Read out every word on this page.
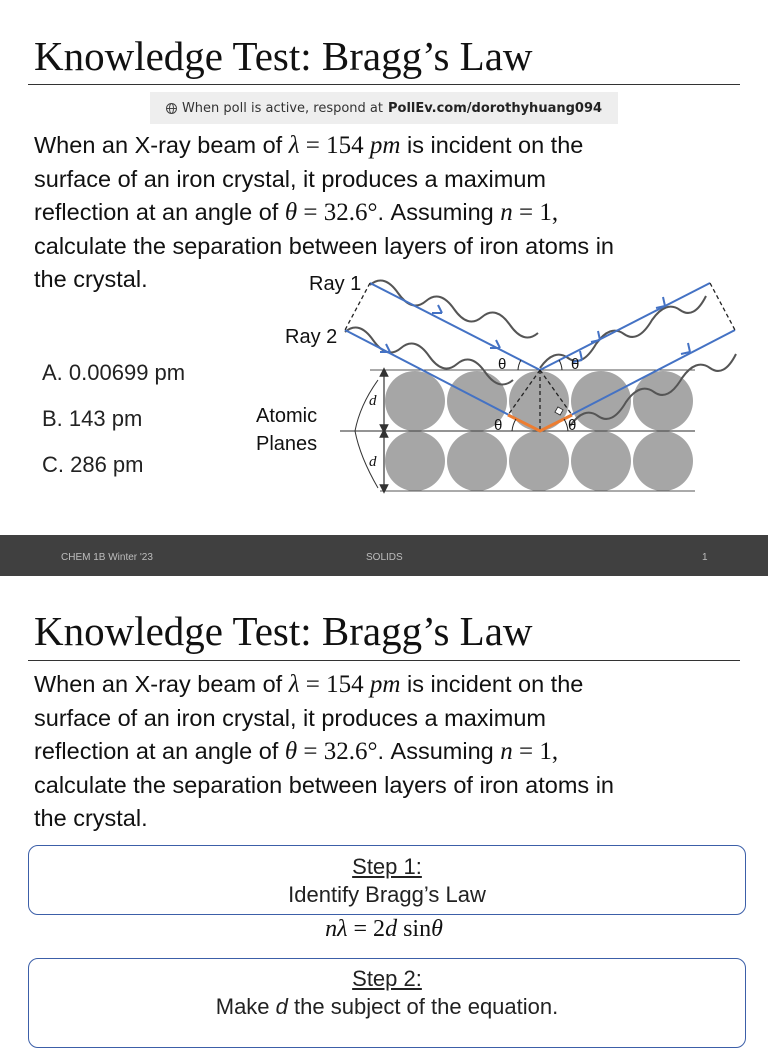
Knowledge Test: Bragg’s Law
When poll is active, respond at PollEv.com/dorothyhuang094
When an X-ray beam of λ = 154 pm is incident on the
surface of an iron crystal, it produces a maximum
reflection at an angle of θ = 32.6°. Assuming n = 1,
calculate the separation between layers of iron atoms in
the crystal.
A. 0.00699 pm
B. 143 pm
C. 286 pm
θ	θ
θ	θ
d
d
Ray 1
Ray 2
Atomic
Planes
CHEM 1B Winter '23	SOLIDS	1
Knowledge Test: Bragg’s Law
When an X-ray beam of λ = 154 pm is incident on the
surface of an iron crystal, it produces a maximum
reflection at an angle of θ = 32.6°. Assuming n = 1,
calculate the separation between layers of iron atoms in
the crystal.
Step 1:
Identify Bragg’s Law
nλ = 2d sinθ
Step 2:
Make d the subject of the equation.
